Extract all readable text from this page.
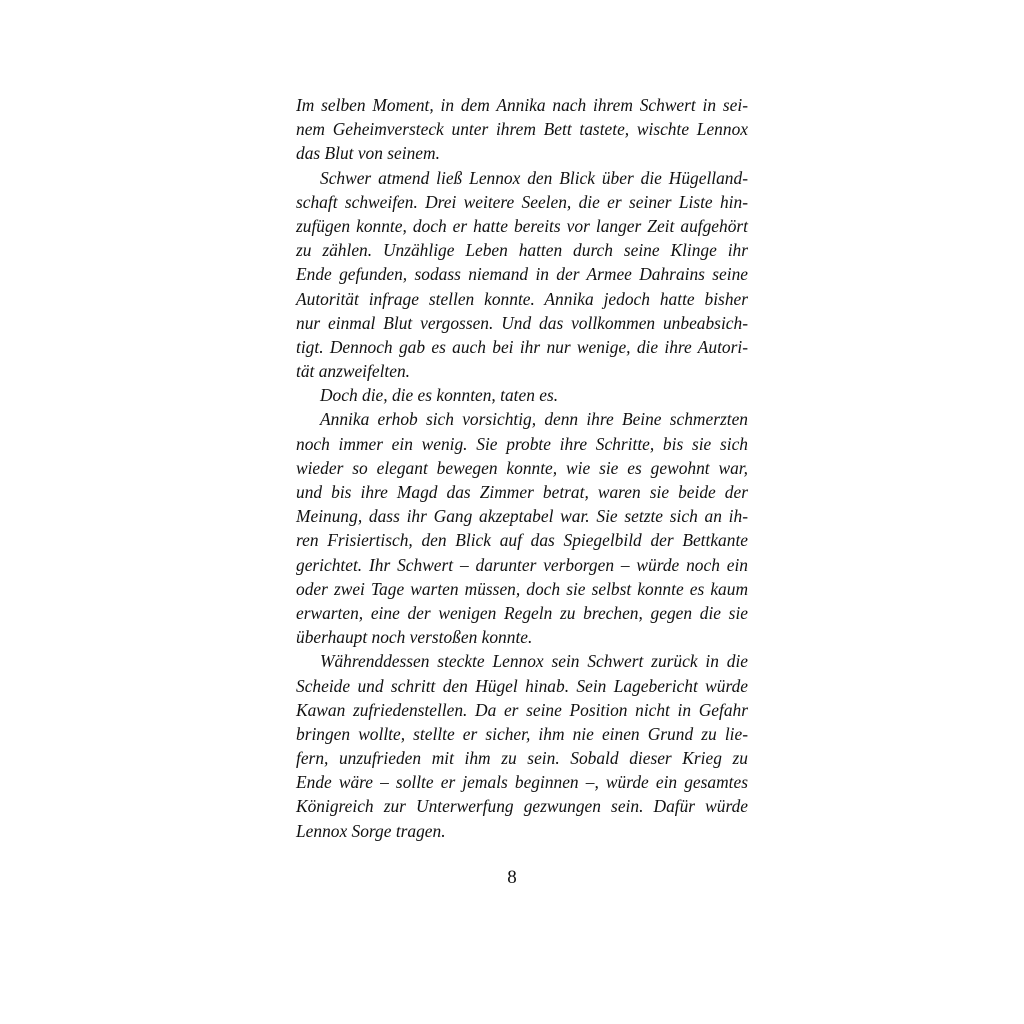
Im selben Moment, in dem Annika nach ihrem Schwert in sei-
nem Geheimversteck unter ihrem Bett tastete, wischte Lennox
das Blut von seinem.
Schwer atmend ließ Lennox den Blick über die Hügelland-
schaft schweifen. Drei weitere Seelen, die er seiner Liste hin-
zufügen konnte, doch er hatte bereits vor langer Zeit aufgehört
zu zählen. Unzählige Leben hatten durch seine Klinge ihr
Ende gefunden, sodass niemand in der Armee Dahrains seine
Autorität infrage stellen konnte. Annika jedoch hatte bisher
nur einmal Blut vergossen. Und das vollkommen unbeabsich-
tigt. Dennoch gab es auch bei ihr nur wenige, die ihre Autori-
tät anzweifelten.
Doch die, die es konnten, taten es.
Annika erhob sich vorsichtig, denn ihre Beine schmerzten
noch immer ein wenig. Sie probte ihre Schritte, bis sie sich
wieder so elegant bewegen konnte, wie sie es gewohnt war,
und bis ihre Magd das Zimmer betrat, waren sie beide der
Meinung, dass ihr Gang akzeptabel war. Sie setzte sich an ih-
ren Frisiertisch, den Blick auf das Spiegelbild der Bettkante
gerichtet. Ihr Schwert – darunter verborgen – würde noch ein
oder zwei Tage warten müssen, doch sie selbst konnte es kaum
erwarten, eine der wenigen Regeln zu brechen, gegen die sie
überhaupt noch verstoßen konnte.
Währenddessen steckte Lennox sein Schwert zurück in die
Scheide und schritt den Hügel hinab. Sein Lagebericht würde
Kawan zufriedenstellen. Da er seine Position nicht in Gefahr
bringen wollte, stellte er sicher, ihm nie einen Grund zu lie-
fern, unzufrieden mit ihm zu sein. Sobald dieser Krieg zu
Ende wäre – sollte er jemals beginnen –, würde ein gesamtes
Königreich zur Unterwerfung gezwungen sein. Dafür würde
Lennox Sorge tragen.
8
